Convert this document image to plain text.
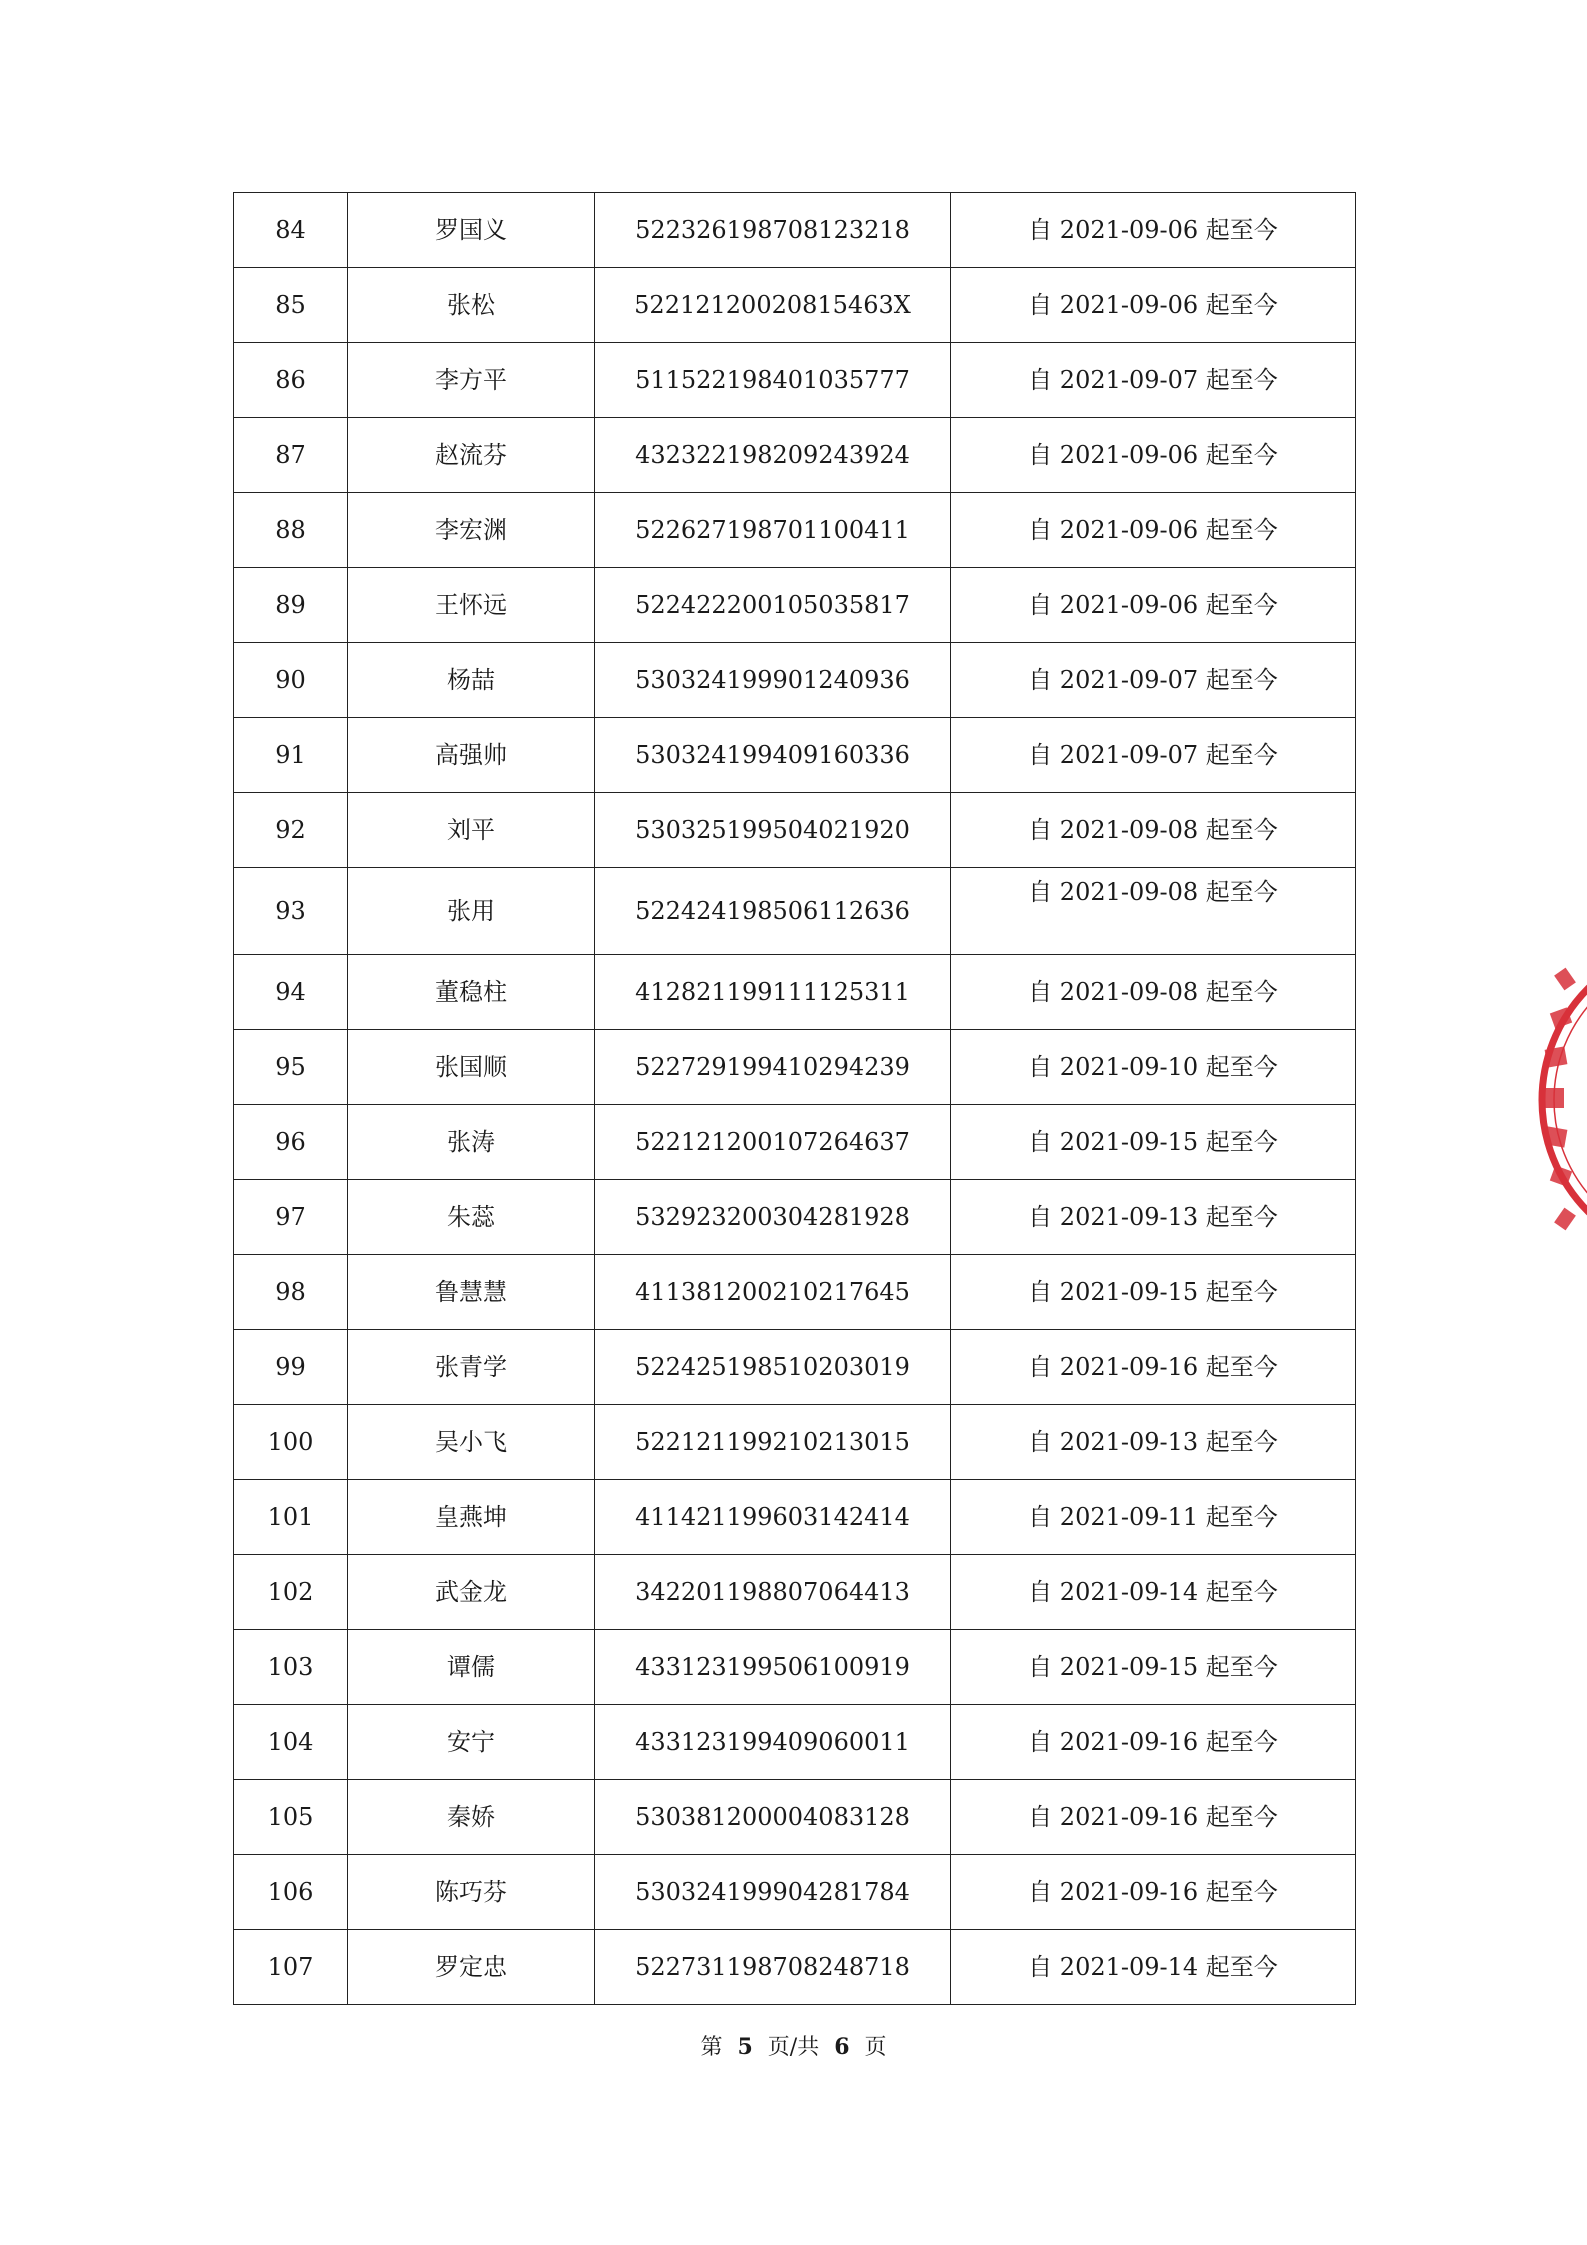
84	罗国义	522326198708123218	自 2021-09-06 起至今
85	张松	52212120020815463X	自 2021-09-06 起至今
86	李方平	511522198401035777	自 2021-09-07 起至今
87	赵流芬	432322198209243924	自 2021-09-06 起至今
88	李宏渊	522627198701100411	自 2021-09-06 起至今
89	王怀远	522422200105035817	自 2021-09-06 起至今
90	杨喆	530324199901240936	自 2021-09-07 起至今
91	高强帅	530324199409160336	自 2021-09-07 起至今
92	刘平	530325199504021920	自 2021-09-08 起至今
93	张用	522424198506112636	自 2021-09-08 起至今
94	董稳柱	412821199111125311	自 2021-09-08 起至今
95	张国顺	522729199410294239	自 2021-09-10 起至今
96	张涛	522121200107264637	自 2021-09-15 起至今
97	朱蕊	532923200304281928	自 2021-09-13 起至今
98	鲁慧慧	411381200210217645	自 2021-09-15 起至今
99	张青学	522425198510203019	自 2021-09-16 起至今
100	吴小飞	522121199210213015	自 2021-09-13 起至今
101	皇燕坤	411421199603142414	自 2021-09-11 起至今
102	武金龙	342201198807064413	自 2021-09-14 起至今
103	谭儒	433123199506100919	自 2021-09-15 起至今
104	安宁	433123199409060011	自 2021-09-16 起至今
105	秦娇	530381200004083128	自 2021-09-16 起至今
106	陈巧芬	530324199904281784	自 2021-09-16 起至今
107	罗定忠	522731198708248718	自 2021-09-14 起至今
第 5 页/共 6 页
